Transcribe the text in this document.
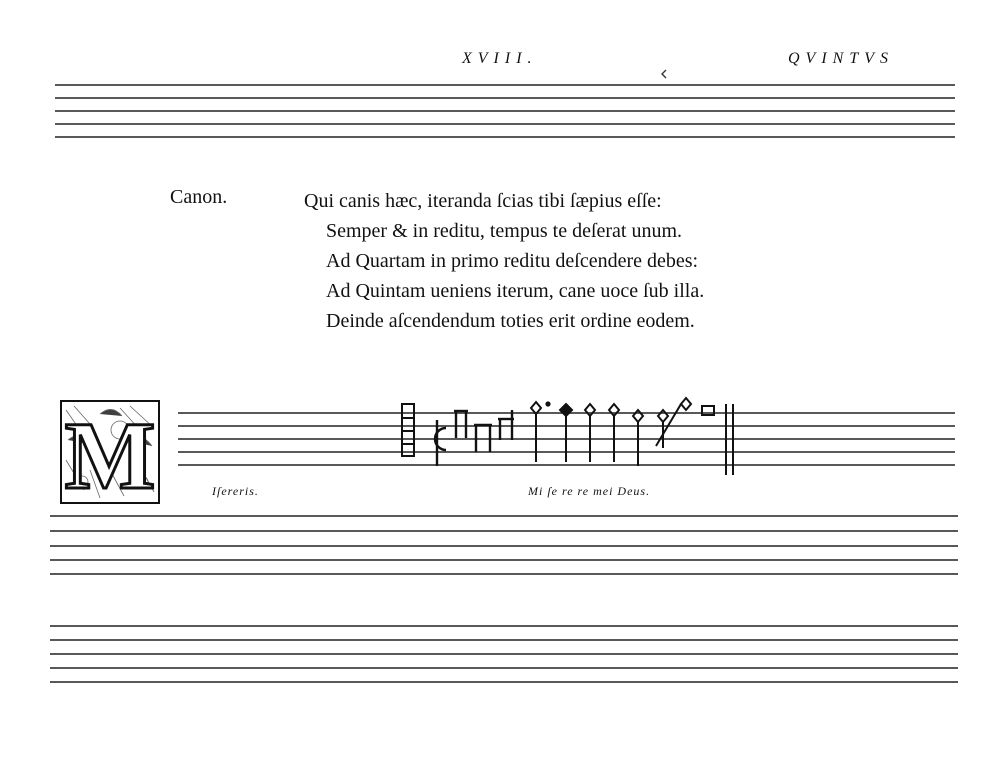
XVIII.	QVINTVS
M
Canon.	Qui canis hæc, iteranda ſcias tibi ſæpius eſſe:
Semper & in reditu, tempus te deſerat unum.
Ad Quartam in primo reditu deſcendere debes:
Ad Quintam ueniens iterum, cane uoce ſub illa.
Deinde aſcendendum toties erit ordine eodem.
Iſereris.	Mi ſe re re mei Deus.
